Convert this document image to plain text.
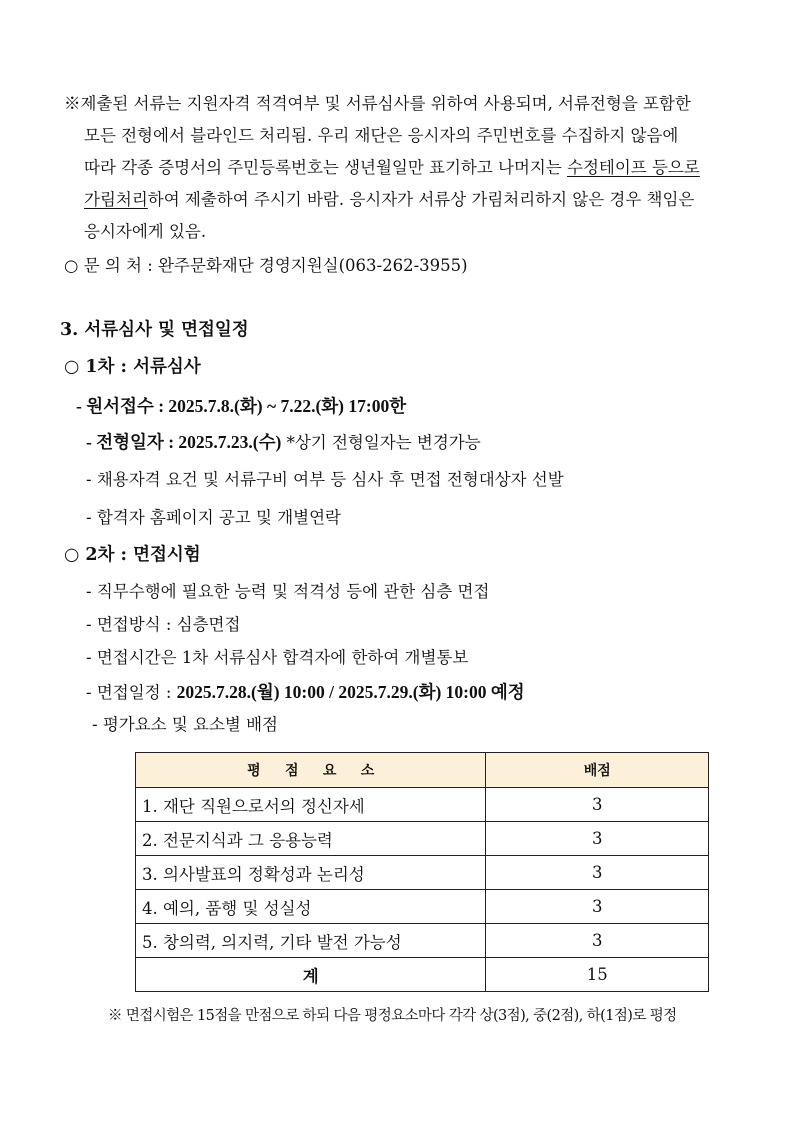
※제출된 서류는 지원자격 적격여부 및 서류심사를 위하여 사용되며, 서류전형을 포함한
모든 전형에서 블라인드 처리됨. 우리 재단은 응시자의 주민번호를 수집하지 않음에
따라 각종 증명서의 주민등록번호는 생년월일만 표기하고 나머지는 수정테이프 등으로
가림처리하여 제출하여 주시기 바람. 응시자가 서류상 가림처리하지 않은 경우 책임은
응시자에게 있음.
○ 문 의 처 : 완주문화재단 경영지원실(063-262-3955)
3. 서류심사 및 면접일정
○ 1차 : 서류심사
- 원서접수 : 2025.7.8.(화) ~ 7.22.(화) 17:00한
- 전형일자 : 2025.7.23.(수) *상기 전형일자는 변경가능
- 채용자격 요건 및 서류구비 여부 등 심사 후 면접 전형대상자 선발
- 합격자 홈페이지 공고 및 개별연락
○ 2차 : 면접시험
- 직무수행에 필요한 능력 및 적격성 등에 관한 심층 면접
- 면접방식 : 심층면접
- 면접시간은 1차 서류심사 합격자에 한하여 개별통보
- 면접일정 : 2025.7.28.(월) 10:00 / 2025.7.29.(화) 10:00 예정
- 평가요소 및 요소별 배점
평     점     요     소	배점
1. 재단 직원으로서의 정신자세	3
2. 전문지식과 그 응용능력	3
3. 의사발표의 정확성과 논리성	3
4. 예의, 품행 및 성실성	3
5. 창의력, 의지력, 기타 발전 가능성	3
계	15
※ 면접시험은 15점을 만점으로 하되 다음 평정요소마다 각각 상(3점), 중(2점), 하(1점)로 평정
